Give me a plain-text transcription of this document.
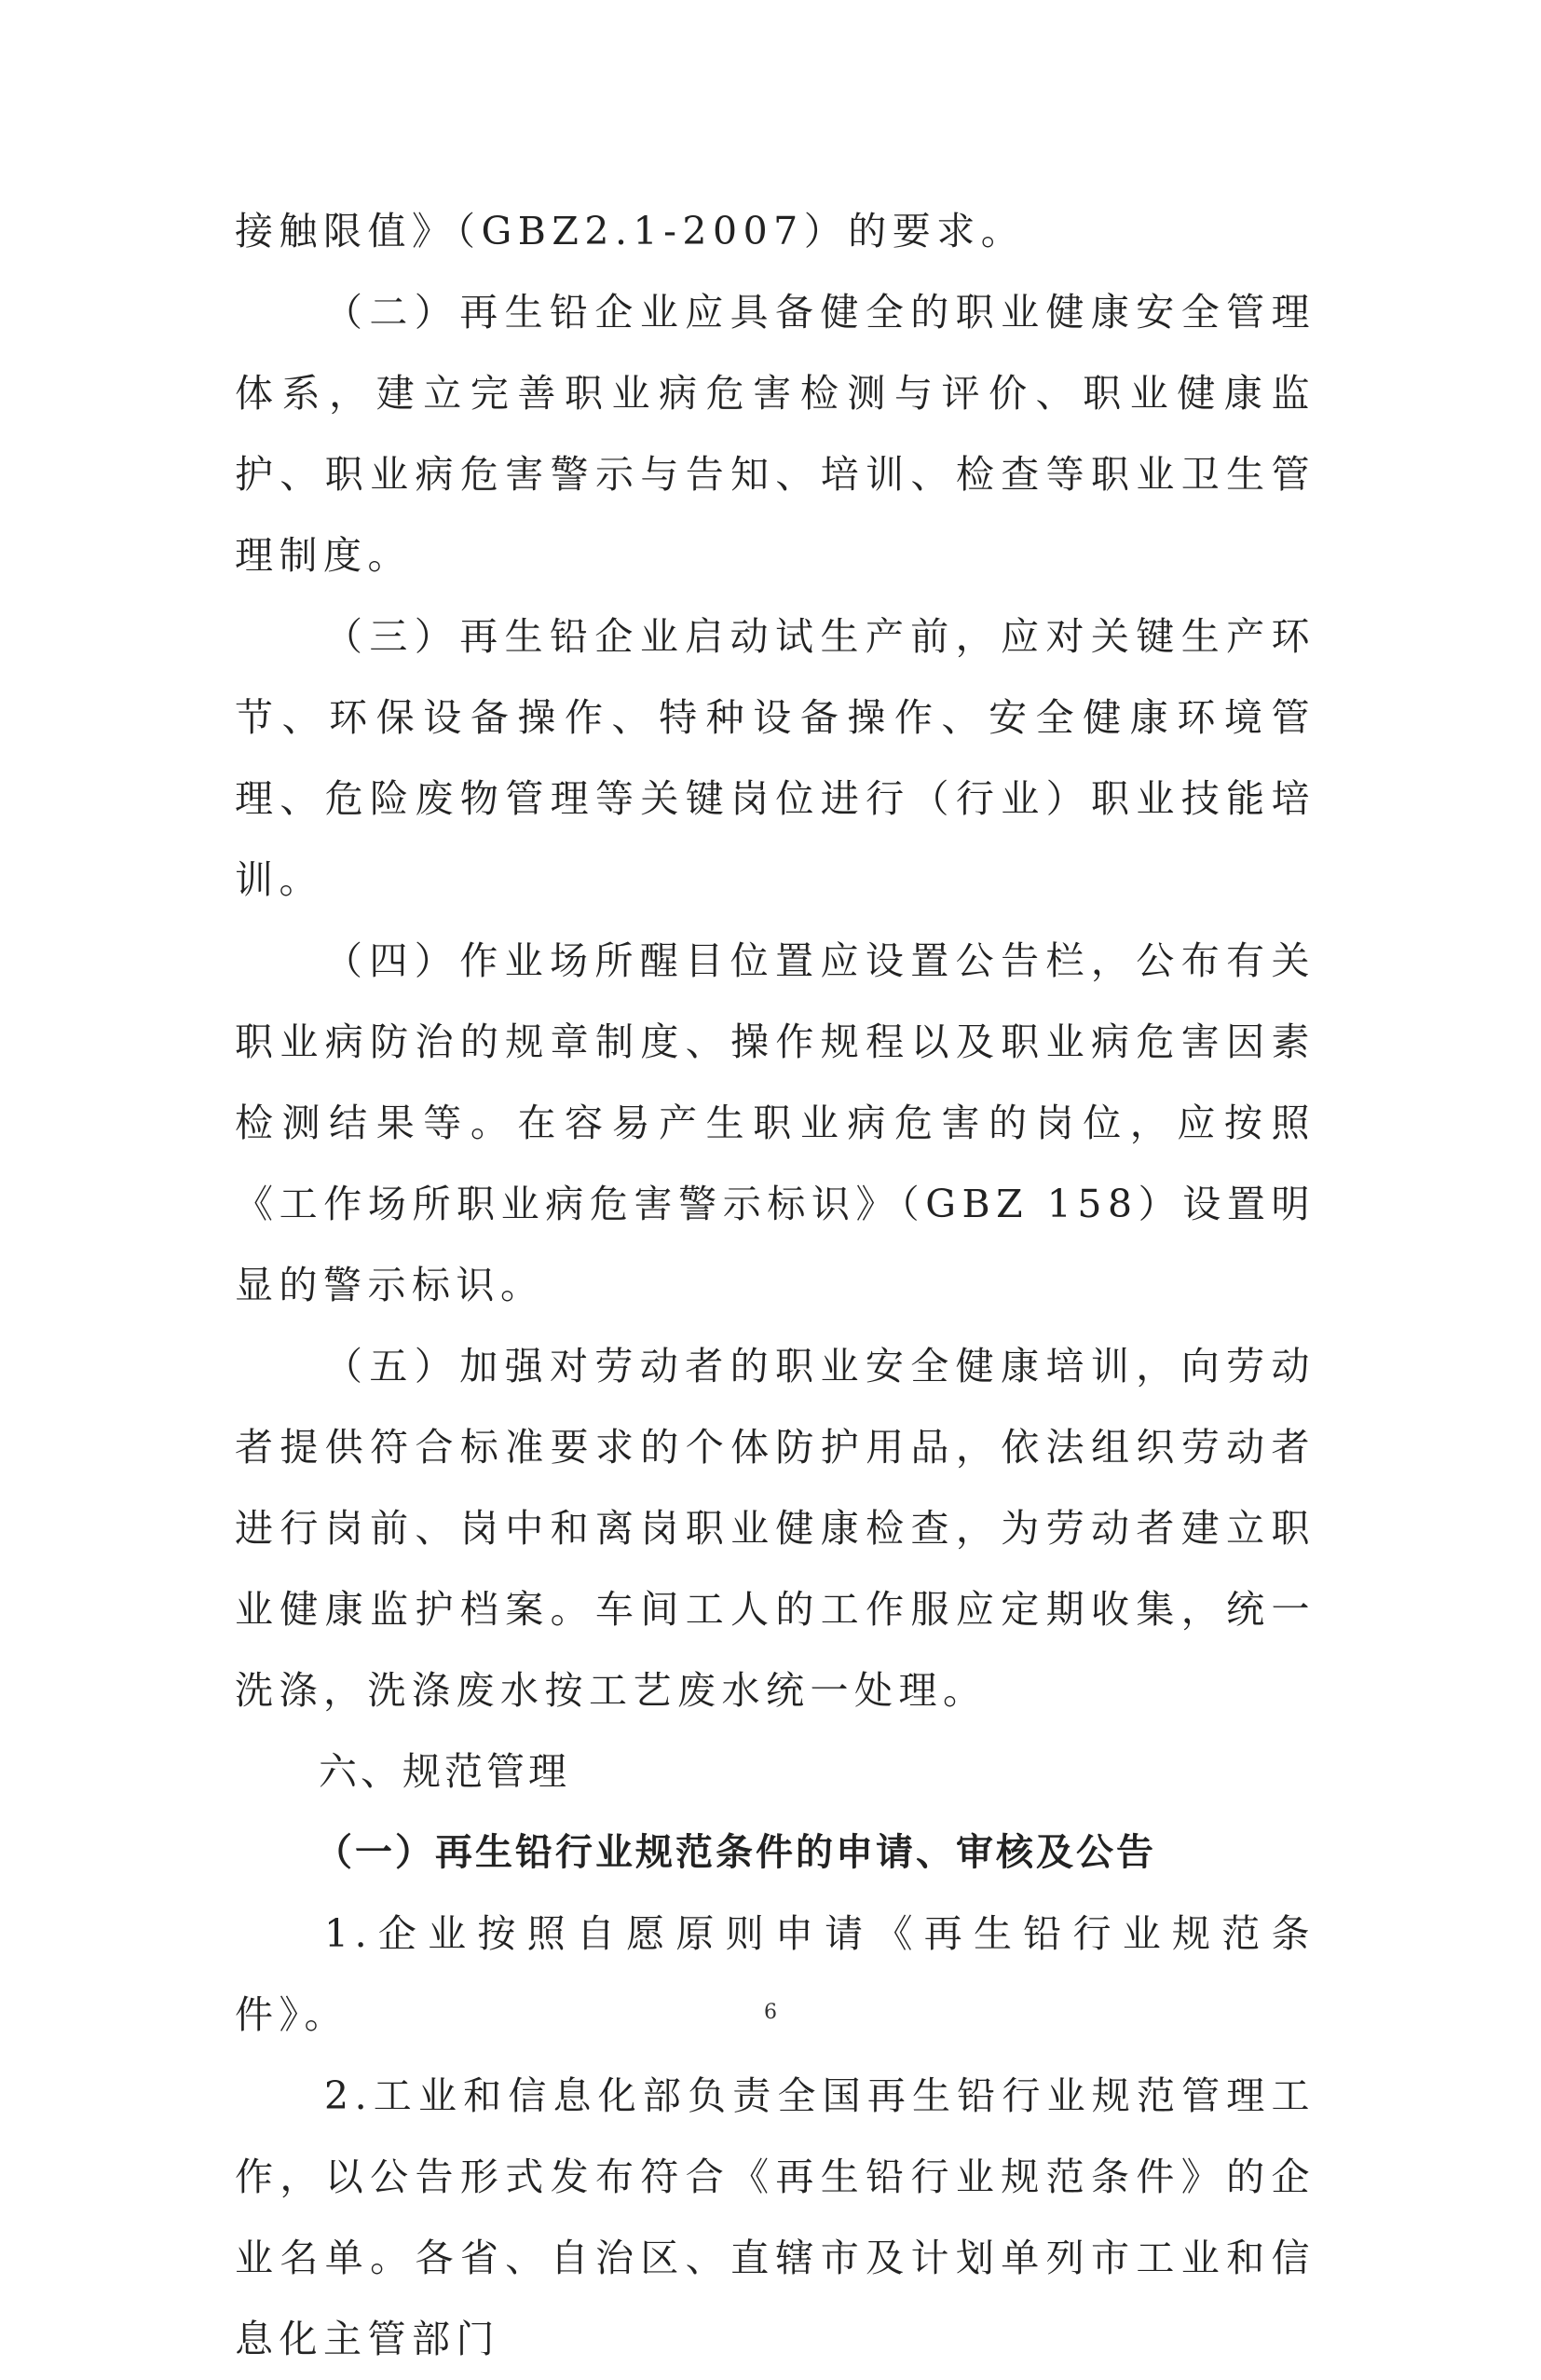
接触限值》（GBZ2.1-2007）的要求。

（二）再生铅企业应具备健全的职业健康安全管理体系，建立完善职业病危害检测与评价、职业健康监护、职业病危害警示与告知、培训、检查等职业卫生管理制度。

（三）再生铅企业启动试生产前，应对关键生产环节、环保设备操作、特种设备操作、安全健康环境管理、危险废物管理等关键岗位进行（行业）职业技能培训。

（四）作业场所醒目位置应设置公告栏，公布有关职业病防治的规章制度、操作规程以及职业病危害因素检测结果等。在容易产生职业病危害的岗位，应按照《工作场所职业病危害警示标识》（GBZ 158）设置明显的警示标识。

（五）加强对劳动者的职业安全健康培训，向劳动者提供符合标准要求的个体防护用品，依法组织劳动者进行岗前、岗中和离岗职业健康检查，为劳动者建立职业健康监护档案。车间工人的工作服应定期收集，统一洗涤，洗涤废水按工艺废水统一处理。

六、规范管理

（一）再生铅行业规范条件的申请、审核及公告

1.企业按照自愿原则申请《再生铅行业规范条件》。

2.工业和信息化部负责全国再生铅行业规范管理工作，以公告形式发布符合《再生铅行业规范条件》的企业名单。各省、自治区、直辖市及计划单列市工业和信息化主管部门

6
